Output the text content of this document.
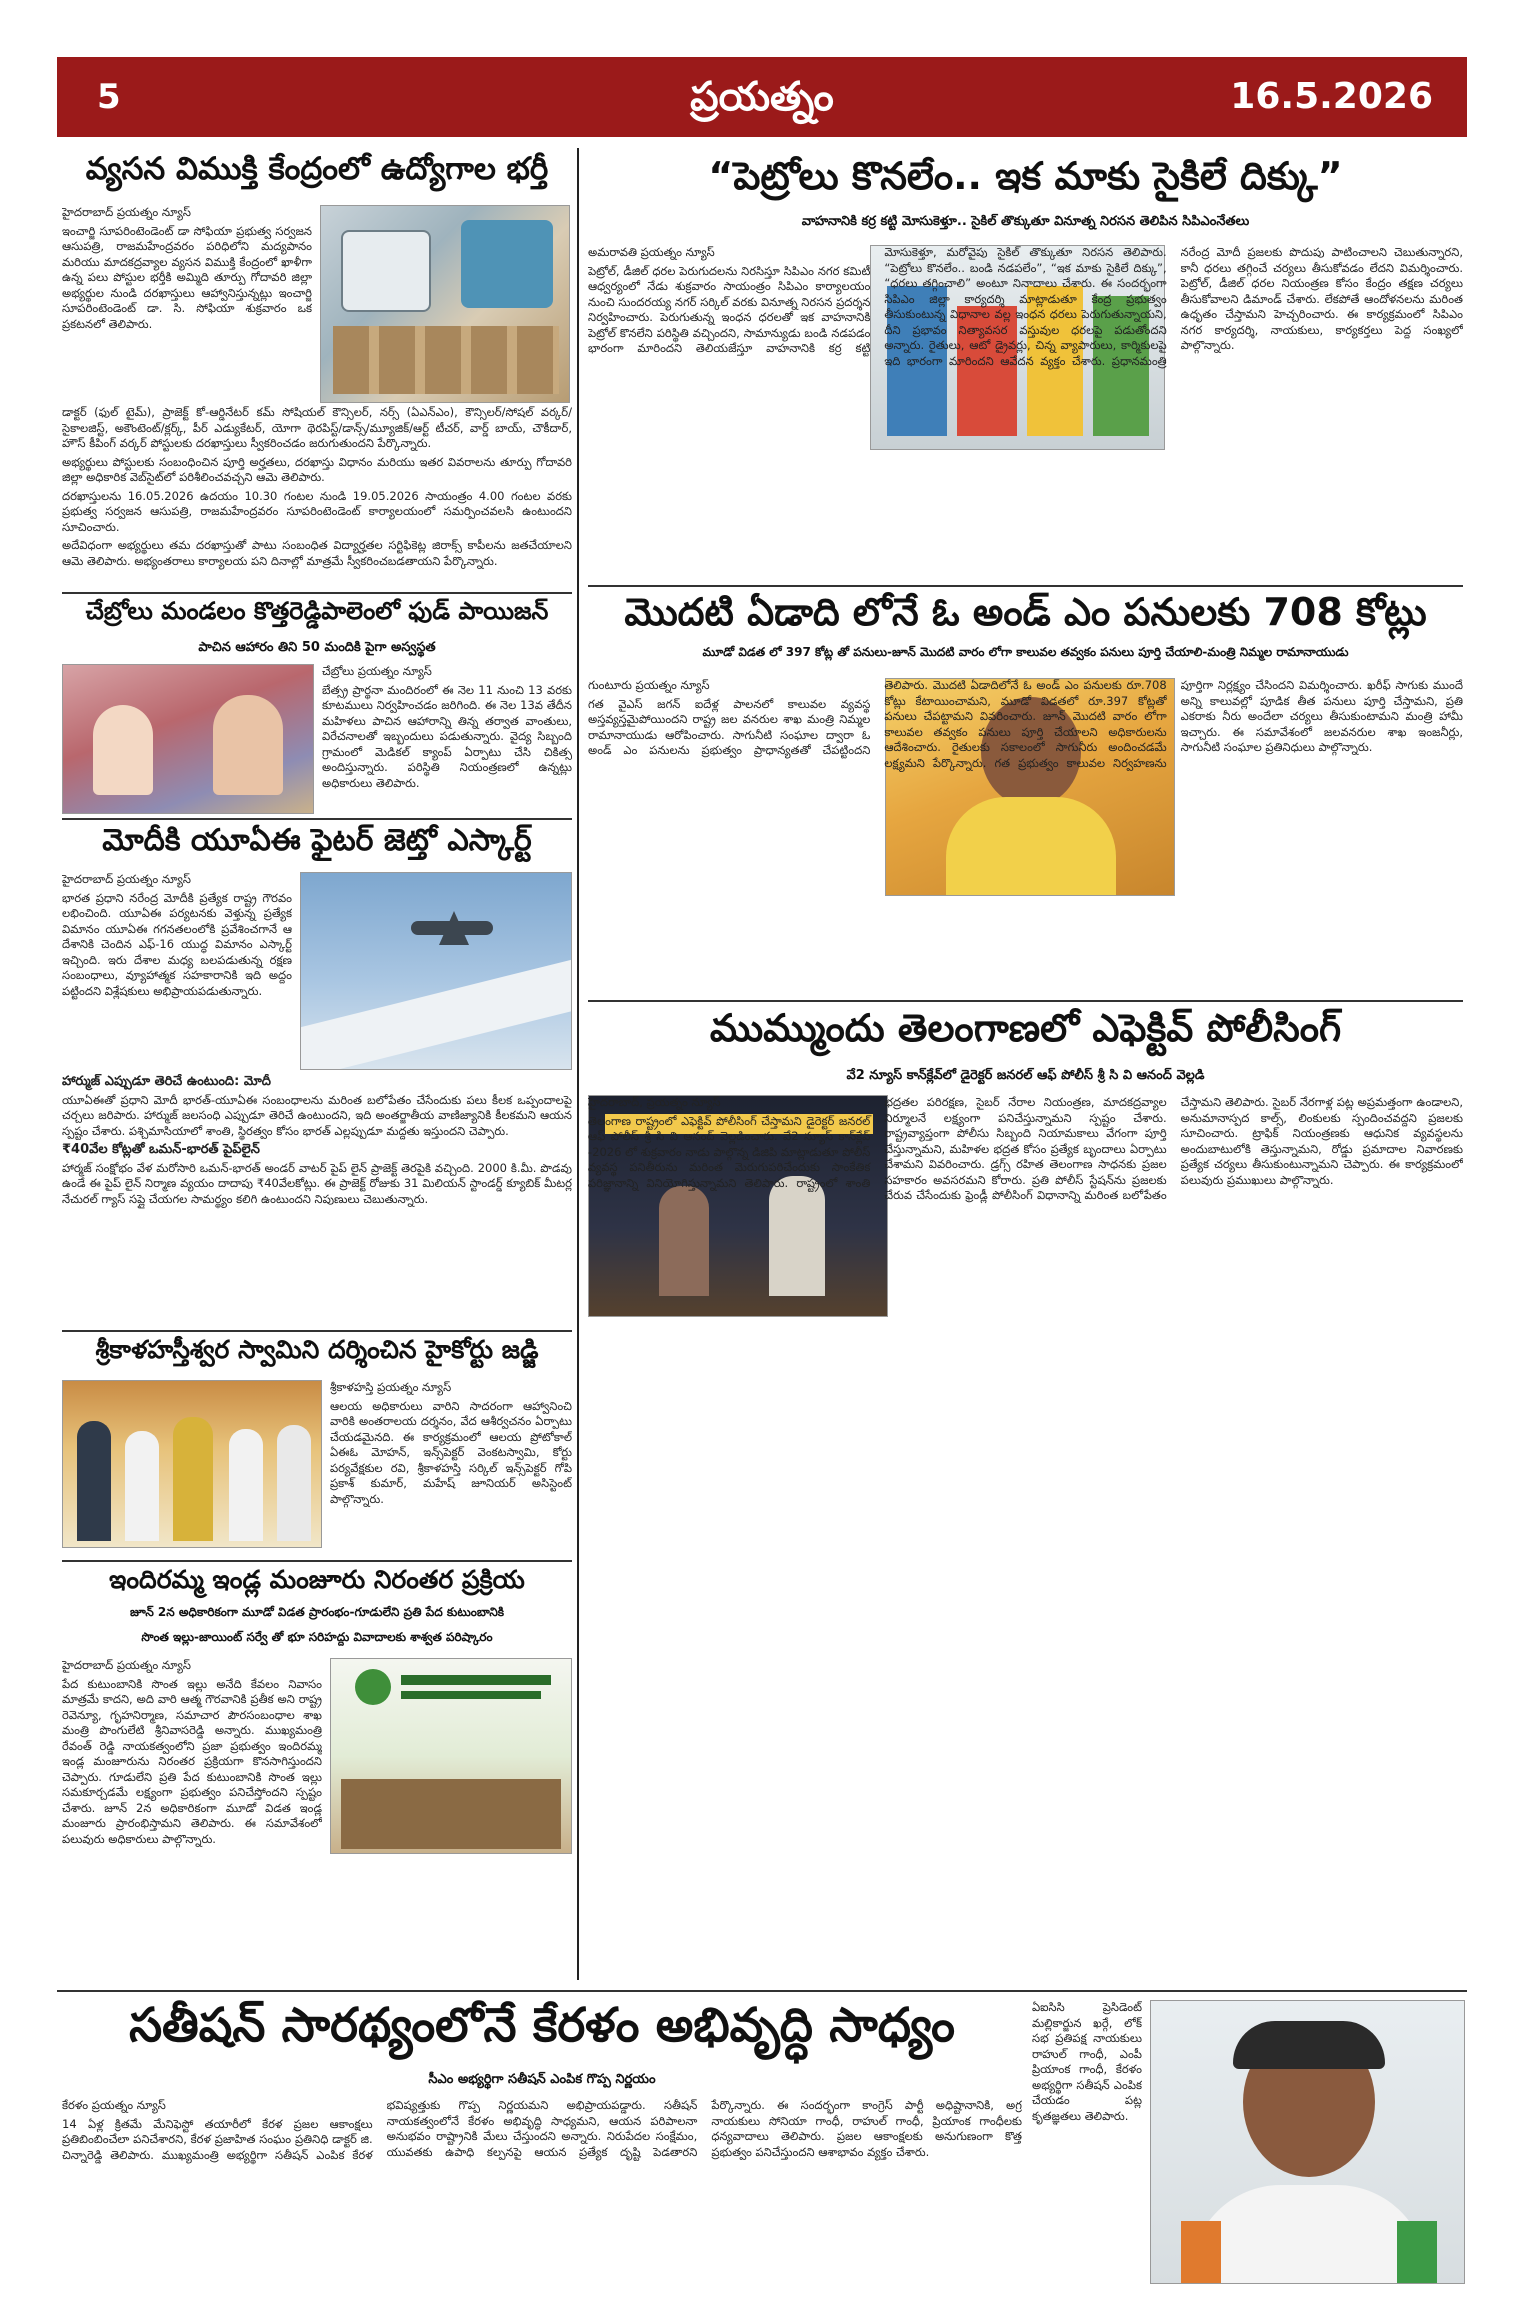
5	ప్రయత్నం	16.5.2026
వ్యసన విముక్తి కేంద్రంలో ఉద్యోగాల భర్తీ

హైదరాబాద్ ప్రయత్నం న్యూస్

ఇంచార్జి సూపరింటెండెంట్ డా సోఫియా ప్రభుత్వ సర్వజన ఆసుపత్రి, రాజమహేంద్రవరం పరిధిలోని మద్యపానం మరియు మాదకద్రవ్యాల వ్యసన విముక్తి కేంద్రంలో ఖాళీగా ఉన్న పలు పోస్టుల భర్తీకి అమ్మిది తూర్పు గోదావరి జిల్లా అభ్యర్థుల నుండి దరఖాస్తులు ఆహ్వానిస్తున్నట్లు ఇంచార్జి సూపరింటెండెంట్ డా. సి. సోఫియా శుక్రవారం ఒక ప్రకటనలో తెలిపారు.

డాక్టర్ (ఫుల్ టైమ్), ప్రాజెక్ట్ కో-ఆర్డినేటర్ కమ్ సోషియల్ కౌన్సిలర్, నర్స్ (ఏఎన్ఎం), కౌన్సిలర్/సోషల్ వర్కర్/సైకాలజిస్ట్, అకౌంటెంట్/క్లర్క్, పీర్ ఎడ్యుకేటర్, యోగా థెరపిస్ట్/డాన్స్/మ్యూజిక్/ఆర్ట్ టీచర్, వార్డ్ బాయ్, చౌకీదార్, హౌస్ కీపింగ్ వర్కర్ పోస్టులకు దరఖాస్తులు స్వీకరించడం జరుగుతుందని పేర్కొన్నారు.

అభ్యర్థులు పోస్టులకు సంబంధించిన పూర్తి అర్హతలు, దరఖాస్తు విధానం మరియు ఇతర వివరాలను తూర్పు గోదావరి జిల్లా అధికారిక వెబ్‌సైట్‌లో పరిశీలించవచ్చని ఆమె తెలిపారు.

దరఖాస్తులను 16.05.2026 ఉదయం 10.30 గంటల నుండి 19.05.2026 సాయంత్రం 4.00 గంటల వరకు ప్రభుత్వ సర్వజన ఆసుపత్రి, రాజమహేంద్రవరం సూపరింటెండెంట్ కార్యాలయంలో సమర్పించవలసి ఉంటుందని సూచించారు.

అదేవిధంగా అభ్యర్థులు తమ దరఖాస్తుతో పాటు సంబంధిత విద్యార్హతల సర్టిఫికెట్ల జిరాక్స్ కాపీలను జతచేయాలని ఆమె తెలిపారు. అభ్యంతరాలు కార్యాలయ పని దినాల్లో మాత్రమే స్వీకరించబడతాయని పేర్కొన్నారు.

చేబ్రోలు మండలం కొత్తరెడ్డిపాలెంలో ఫుడ్ పాయిజన్
పాచిన ఆహారం తిని 50 మందికి పైగా అస్వస్థత

చేబ్రోలు ప్రయత్నం న్యూస్

బేత్స్ర ప్రార్థనా మందిరంలో ఈ నెల 11 నుంచి 13 వరకు కూటములు నిర్వహించడం జరిగింది. ఈ నెల 13వ తేదీన మహిళలు పాచిన ఆహారాన్ని తిన్న తర్వాత వాంతులు, విరేచనాలతో ఇబ్బందులు పడుతున్నారు. వైద్య సిబ్బంది గ్రామంలో మెడికల్ క్యాంప్ ఏర్పాటు చేసి చికిత్స అందిస్తున్నారు. పరిస్థితి నియంత్రణలో ఉన్నట్లు అధికారులు తెలిపారు.

మోదీకి యూఏఈ ఫైటర్ జెట్తో ఎస్కార్ట్

హైదరాబాద్ ప్రయత్నం న్యూస్

భారత ప్రధాని నరేంద్ర మోదీకి ప్రత్యేక రాష్ట్ర గౌరవం లభించింది. యూఏఈ పర్యటనకు వెళ్తున్న ప్రత్యేక విమానం యూఏఈ గగనతలంలోకి ప్రవేశించగానే ఆ దేశానికి చెందిన ఎఫ్-16 యుద్ధ విమానం ఎస్కార్ట్ ఇచ్చింది. ఇరు దేశాల మధ్య బలపడుతున్న రక్షణ సంబంధాలు, వ్యూహాత్మక సహకారానికి ఇది అద్దం పట్టిందని విశ్లేషకులు అభిప్రాయపడుతున్నారు.

హార్ముజ్ ఎప్పుడూ తెరిచే ఉంటుంది: మోదీ

యూఏఈతో ప్రధాని మోదీ భారత్-యూఏఈ సంబంధాలను మరింత బలోపేతం చేసేందుకు పలు కీలక ఒప్పందాలపై చర్చలు జరిపారు. హార్ముజ్ జలసంధి ఎప్పుడూ తెరిచే ఉంటుందని, ఇది అంతర్జాతీయ వాణిజ్యానికి కీలకమని ఆయన స్పష్టం చేశారు. పశ్చిమాసియాలో శాంతి, స్థిరత్వం కోసం భారత్ ఎల్లప్పుడూ మద్దతు ఇస్తుందని చెప్పారు.

₹40వేల కోట్లతో ఒమన్-భారత్ పైప్‌లైన్

హార్మజ్ సంక్షోభం వేళ మరోసారి ఒమన్-భారత్ అండర్ వాటర్ పైప్ లైన్ ప్రాజెక్ట్ తెరపైకి వచ్చింది. 2000 కి.మీ. పొడవు ఉండే ఈ పైప్ లైన్ నిర్మాణ వ్యయం దాదాపు ₹40వేలకోట్లు. ఈ ప్రాజెక్ట్ రోజుకు 31 మిలియన్ స్టాండర్డ్ క్యూబిక్ మీటర్ల నేచురల్ గ్యాస్ సప్లై చేయగల సామర్థ్యం కలిగి ఉంటుందని నిపుణులు చెబుతున్నారు.

శ్రీకాళహస్తీశ్వర స్వామిని దర్శించిన హైకోర్టు జడ్జి

శ్రీకాళహస్తి ప్రయత్నం న్యూస్

ఆలయ అధికారులు వారిని సాదరంగా ఆహ్వానించి వారికి అంతరాలయ దర్శనం, వేద ఆశీర్వచనం ఏర్పాటు చేయడమైనది. ఈ కార్యక్రమంలో ఆలయ ప్రోటోకాల్ ఏఈఓ మోహన్, ఇన్స్‌పెక్టర్ వెంకటస్వామి, కోర్టు పర్యవేక్షకుల రవి, శ్రీకాళహస్తి సర్కిల్ ఇన్స్‌పెక్టర్ గోపి ప్రకాశ్ కుమార్, మహేష్ జూనియర్ అసిస్టెంట్ పాల్గొన్నారు.

ఇందిరమ్మ ఇండ్ల మంజూరు నిరంతర ప్రక్రియ
జూన్ 2న అధికారికంగా మూడో విడత ప్రారంభం-గూడులేని ప్రతి పేద కుటుంబానికి
సొంత ఇల్లు-జాయింట్ సర్వే తో భూ సరిహద్దు వివాదాలకు శాశ్వత పరిష్కారం

హైదరాబాద్ ప్రయత్నం న్యూస్

పేద కుటుంబానికి సొంత ఇల్లు అనేది కేవలం నివాసం మాత్రమే కాదని, అది వారి ఆత్మ గౌరవానికి ప్రతీక అని రాష్ట్ర రెవెన్యూ, గృహనిర్మాణ, సమాచార పౌరసంబంధాల శాఖ మంత్రి పొంగులేటి శ్రీనివాసరెడ్డి అన్నారు. ముఖ్యమంత్రి రేవంత్ రెడ్డి నాయకత్వంలోని ప్రజా ప్రభుత్వం ఇందిరమ్మ ఇండ్ల మంజూరును నిరంతర ప్రక్రియగా కొనసాగిస్తుందని చెప్పారు. గూడులేని ప్రతి పేద కుటుంబానికి సొంత ఇల్లు సమకూర్చడమే లక్ష్యంగా ప్రభుత్వం పనిచేస్తోందని స్పష్టం చేశారు. జూన్ 2న అధికారికంగా మూడో విడత ఇండ్ల మంజూరు ప్రారంభిస్తామని తెలిపారు. ఈ సమావేశంలో పలువురు అధికారులు పాల్గొన్నారు.

“పెట్రోలు కొనలేం.. ఇక మాకు సైకిలే దిక్కు”
వాహనానికి కర్ర కట్టి మోసుకెళ్తూ.. సైకిల్ తొక్కుతూ వినూత్న నిరసన తెలిపిన సిపిఎంనేతలు

అమరావతి ప్రయత్నం న్యూస్

పెట్రోల్, డీజిల్ ధరల పెరుగుదలను నిరసిస్తూ సిపిఎం నగర కమిటీ ఆధ్వర్యంలో నేడు శుక్రవారం సాయంత్రం సిపిఎం కార్యాలయం నుంచి సుందరయ్య నగర్ సర్కిల్ వరకు వినూత్న నిరసన ప్రదర్శన నిర్వహించారు. పెరుగుతున్న ఇంధన ధరలతో ఇక వాహనానికి పెట్రోల్ కొనలేని పరిస్థితి వచ్చిందని, సామాన్యుడు బండి నడపడం భారంగా మారిందని తెలియజేస్తూ వాహనానికి కర్ర కట్టి మోసుకెళ్తూ, మరోవైపు సైకిల్ తొక్కుతూ నిరసన తెలిపారు. “పెట్రోలు కొనలేం.. బండి నడపలేం”, “ఇక మాకు సైకిలే దిక్కు”, “ధరలు తగ్గించాలి” అంటూ నినాదాలు చేశారు. ఈ సందర్భంగా సిపిఎం జిల్లా కార్యదర్శి మాట్లాడుతూ కేంద్ర ప్రభుత్వం తీసుకుంటున్న విధానాల వల్ల ఇంధన ధరలు పెరుగుతున్నాయని, దీని ప్రభావం నిత్యావసర వస్తువుల ధరలపై పడుతోందని అన్నారు. రైతులు, ఆటో డ్రైవర్లు, చిన్న వ్యాపారులు, కార్మికులపై ఇది భారంగా మారిందని ఆవేదన వ్యక్తం చేశారు. ప్రధానమంత్రి నరేంద్ర మోదీ ప్రజలకు పొదుపు పాటించాలని చెబుతున్నారని, కానీ ధరలు తగ్గించే చర్యలు తీసుకోవడం లేదని విమర్శించారు. పెట్రోల్, డీజిల్ ధరల నియంత్రణ కోసం కేంద్రం తక్షణ చర్యలు తీసుకోవాలని డిమాండ్ చేశారు. లేకపోతే ఆందోళనలను మరింత ఉధృతం చేస్తామని హెచ్చరించారు. ఈ కార్యక్రమంలో సిపిఎం నగర కార్యదర్శి, నాయకులు, కార్యకర్తలు పెద్ద సంఖ్యలో పాల్గొన్నారు.

మొదటి ఏడాది లోనే ఓ అండ్ ఎం పనులకు 708 కోట్లు
మూడో విడత లో 397 కోట్ల తో పనులు-జూన్ మొదటి వారం లోగా కాలువల తవ్వకం పనులు పూర్తి చేయాలి-మంత్రి నిమ్మల రామానాయుడు

గుంటూరు ప్రయత్నం న్యూస్

గత వైఎస్ జగన్ ఐదేళ్ల పాలనలో కాలువల వ్యవస్థ అస్తవ్యస్తమైపోయిందని రాష్ట్ర జల వనరుల శాఖ మంత్రి నిమ్మల రామానాయుడు ఆరోపించారు. సాగునీటి సంఘాల ద్వారా ఓ అండ్ ఎం పనులను ప్రభుత్వం ప్రాధాన్యతతో చేపట్టిందని తెలిపారు. మొదటి ఏడాదిలోనే ఓ అండ్ ఎం పనులకు రూ.708 కోట్లు కేటాయించామని, మూడో విడతలో రూ.397 కోట్లతో పనులు చేపట్టామని వివరించారు. జూన్ మొదటి వారం లోగా కాలువల తవ్వకం పనులు పూర్తి చేయాలని అధికారులను ఆదేశించారు. రైతులకు సకాలంలో సాగునీరు అందించడమే లక్ష్యమని పేర్కొన్నారు. గత ప్రభుత్వం కాలువల నిర్వహణను పూర్తిగా నిర్లక్ష్యం చేసిందని విమర్శించారు. ఖరీఫ్ సాగుకు ముందే అన్ని కాలువల్లో పూడిక తీత పనులు పూర్తి చేస్తామని, ప్రతి ఎకరాకు నీరు అందేలా చర్యలు తీసుకుంటామని మంత్రి హామీ ఇచ్చారు. ఈ సమావేశంలో జలవనరుల శాఖ ఇంజనీర్లు, సాగునీటి సంఘాల ప్రతినిధులు పాల్గొన్నారు.

ముమ్ముందు తెలంగాణలో ఎఫెక్టివ్ పోలీసింగ్
వే2 న్యూస్ కాన్‌క్లేవ్‌లో డైరెక్టర్ జనరల్ ఆఫ్ పోలీస్ శ్రీ సి వి ఆనంద్ వెల్లడి

హైదరాబాద్, ప్రయత్నం న్యూస్

తెలంగాణ రాష్ట్రంలో ఎఫెక్టివ్ పోలీసింగ్ చేస్తామని డైరెక్టర్ జనరల్ ఆఫ్ పోలీస్ శ్రీ సి వి ఆనంద్ వెల్లడించారు. వే2 న్యూస్ కాన్‌క్లేవ్ -2026 లో శుక్రవారం నాడు పాల్గొన్న డిజిపి మాట్లాడుతూ పోలీస్ వ్యవస్థ పనితీరును మరింత మెరుగుపరిచేందుకు సాంకేతిక పరిజ్ఞానాన్ని వినియోగిస్తున్నామని తెలిపారు. రాష్ట్రంలో శాంతి భద్రతల పరిరక్షణ, సైబర్ నేరాల నియంత్రణ, మాదకద్రవ్యాల నిర్మూలనే లక్ష్యంగా పనిచేస్తున్నామని స్పష్టం చేశారు. రాష్ట్రవ్యాప్తంగా పోలీసు సిబ్బంది నియామకాలు వేగంగా పూర్తి చేస్తున్నామని, మహిళల భద్రత కోసం ప్రత్యేక బృందాలు ఏర్పాటు చేశామని వివరించారు. డ్రగ్స్ రహిత తెలంగాణ సాధనకు ప్రజల సహకారం అవసరమని కోరారు. ప్రతి పోలీస్ స్టేషన్‌ను ప్రజలకు చేరువ చేసేందుకు ఫ్రెండ్లీ పోలీసింగ్ విధానాన్ని మరింత బలోపేతం చేస్తామని తెలిపారు. సైబర్ నేరగాళ్ల పట్ల అప్రమత్తంగా ఉండాలని, అనుమానాస్పద కాల్స్, లింకులకు స్పందించవద్దని ప్రజలకు సూచించారు. ట్రాఫిక్ నియంత్రణకు ఆధునిక వ్యవస్థలను అందుబాటులోకి తెస్తున్నామని, రోడ్డు ప్రమాదాల నివారణకు ప్రత్యేక చర్యలు తీసుకుంటున్నామని చెప్పారు. ఈ కార్యక్రమంలో పలువురు ప్రముఖులు పాల్గొన్నారు.

సతీషన్ సారథ్యంలోనే కేరళం అభివృద్ధి సాధ్యం
సీఎం అభ్యర్థిగా సతీషన్ ఎంపిక గొప్ప నిర్ణయం

కేరళం ప్రయత్నం న్యూస్

14 ఏళ్ల క్రితమే మేనిఫెస్టో తయారీలో కేరళ ప్రజల ఆకాంక్షలు ప్రతిబింబించేలా పనిచేశారని, కేరళ ప్రజాహిత సంఘం ప్రతినిధి డాక్టర్ జి. చిన్నారెడ్డి తెలిపారు. ముఖ్యమంత్రి అభ్యర్థిగా సతీషన్ ఎంపిక కేరళ భవిష్యత్తుకు గొప్ప నిర్ణయమని అభిప్రాయపడ్డారు. సతీషన్ నాయకత్వంలోనే కేరళం అభివృద్ధి సాధ్యమని, ఆయన పరిపాలనా అనుభవం రాష్ట్రానికి మేలు చేస్తుందని అన్నారు. నిరుపేదల సంక్షేమం, యువతకు ఉపాధి కల్పనపై ఆయన ప్రత్యేక దృష్టి పెడతారని పేర్కొన్నారు. ఈ సందర్భంగా కాంగ్రెస్ పార్టీ అధిష్టానానికి, అగ్ర నాయకులు సోనియా గాంధీ, రాహుల్ గాంధీ, ప్రియాంక గాంధీలకు ధన్యవాదాలు తెలిపారు. ప్రజల ఆకాంక్షలకు అనుగుణంగా కొత్త ప్రభుత్వం పనిచేస్తుందని ఆశాభావం వ్యక్తం చేశారు.

ఏఐసిసి ప్రెసిడెంట్ మల్లికార్జున ఖర్గే, లోక్ సభ ప్రతిపక్ష నాయకులు రాహుల్ గాంధీ, ఎంపీ ప్రియాంక గాంధీ, కేరళం అభ్యర్థిగా సతీషన్ ఎంపిక చేయడం పట్ల కృతజ్ఞతలు తెలిపారు.
